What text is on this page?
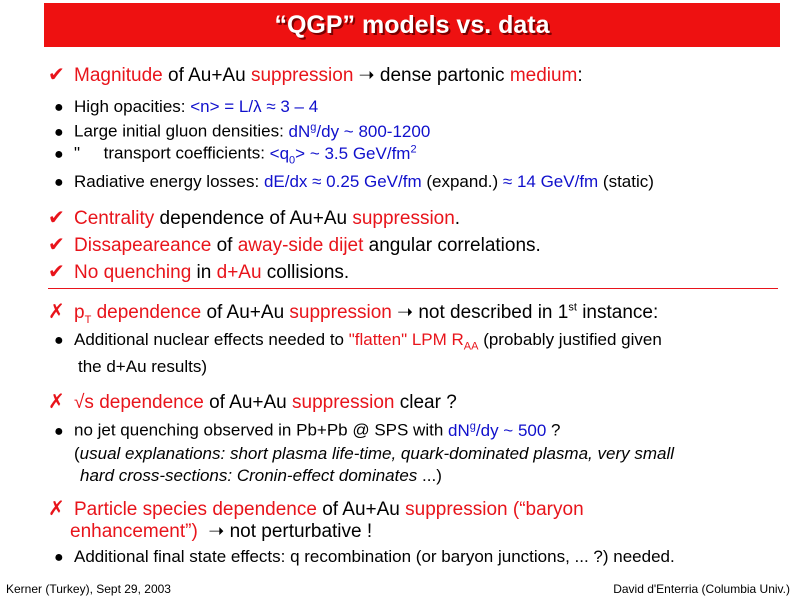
“QGP” models vs. data
✔ Magnitude of Au+Au suppression ➝ dense partonic medium:
● High opacities: <n> = L/λ ≈ 3 – 4
● Large initial gluon densities: $dN^g/dy$ ~ 800-1200
● "     transport coefficients: $<q_0>$ ~ 3.5 GeV/$fm^2$
● Radiative energy losses: dE/dx ≈ 0.25 GeV/fm (expand.) ≈ 14 GeV/fm (static)
✔ Centrality dependence of Au+Au suppression.
✔ Dissapeareance of away-side dijet angular correlations.
✔ No quenching in d+Au collisions.
✗ $p_T$ dependence of Au+Au suppression ➝ not described in 1st instance:
● Additional nuclear effects needed to "flatten" LPM $R_{AA}$ (probably justified given
the d+Au results)
✗ √s dependence of Au+Au suppression clear ?
● no jet quenching observed in Pb+Pb @ SPS with $dN^g/dy$ ~ 500 ?
(usual explanations: short plasma life-time, quark-dominated plasma, very small
hard cross-sections: Cronin-effect dominates ...)
✗ Particle species dependence of Au+Au suppression (“baryon
enhancement”)  ➝ not perturbative !
● Additional final state effects: q recombination (or baryon junctions, ... ?) needed.
Kerner (Turkey), Sept 29, 2003	David d'Enterria (Columbia Univ.)
